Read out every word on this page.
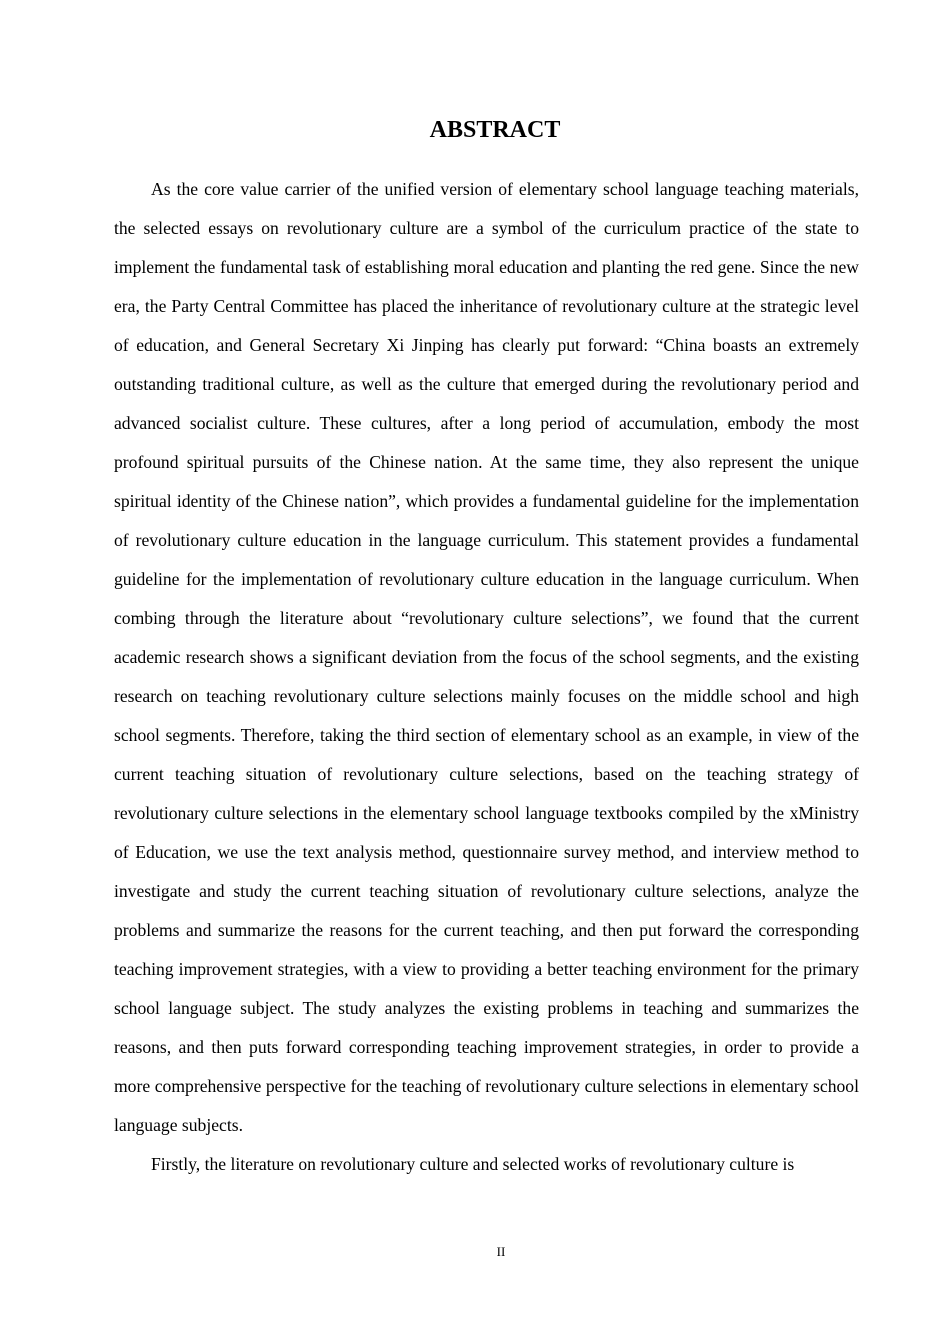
ABSTRACT

As the core value carrier of the unified version of elementary school language teaching materials, the selected essays on revolutionary culture are a symbol of the curriculum practice of the state to implement the fundamental task of establishing moral education and planting the red gene. Since the new era, the Party Central Committee has placed the inheritance of revolutionary culture at the strategic level of education, and General Secretary Xi Jinping has clearly put forward: “China boasts an extremely outstanding traditional culture, as well as the culture that emerged during the revolutionary period and advanced socialist culture. These cultures, after a long period of accumulation, embody the most profound spiritual pursuits of the Chinese nation. At the same time, they also represent the unique spiritual identity of the Chinese nation”, which provides a fundamental guideline for the implementation of revolutionary culture education in the language curriculum. This statement provides a fundamental guideline for the implementation of revolutionary culture education in the language curriculum. When combing through the literature about “revolutionary culture selections”, we found that the current academic research shows a significant deviation from the focus of the school segments, and the existing research on teaching revolutionary culture selections mainly focuses on the middle school and high school segments. Therefore, taking the third section of elementary school as an example, in view of the current teaching situation of revolutionary culture selections, based on the teaching strategy of revolutionary culture selections in the elementary school language textbooks compiled by the xMinistry of Education, we use the text analysis method, questionnaire survey method, and interview method to investigate and study the current teaching situation of revolutionary culture selections, analyze the problems and summarize the reasons for the current teaching, and then put forward the corresponding teaching improvement strategies, with a view to providing a better teaching environment for the primary school language subject. The study analyzes the existing problems in teaching and summarizes the reasons, and then puts forward corresponding teaching improvement strategies, in order to provide a more comprehensive perspective for the teaching of revolutionary culture selections in elementary school language subjects.

Firstly, the literature on revolutionary culture and selected works of revolutionary culture is

II
